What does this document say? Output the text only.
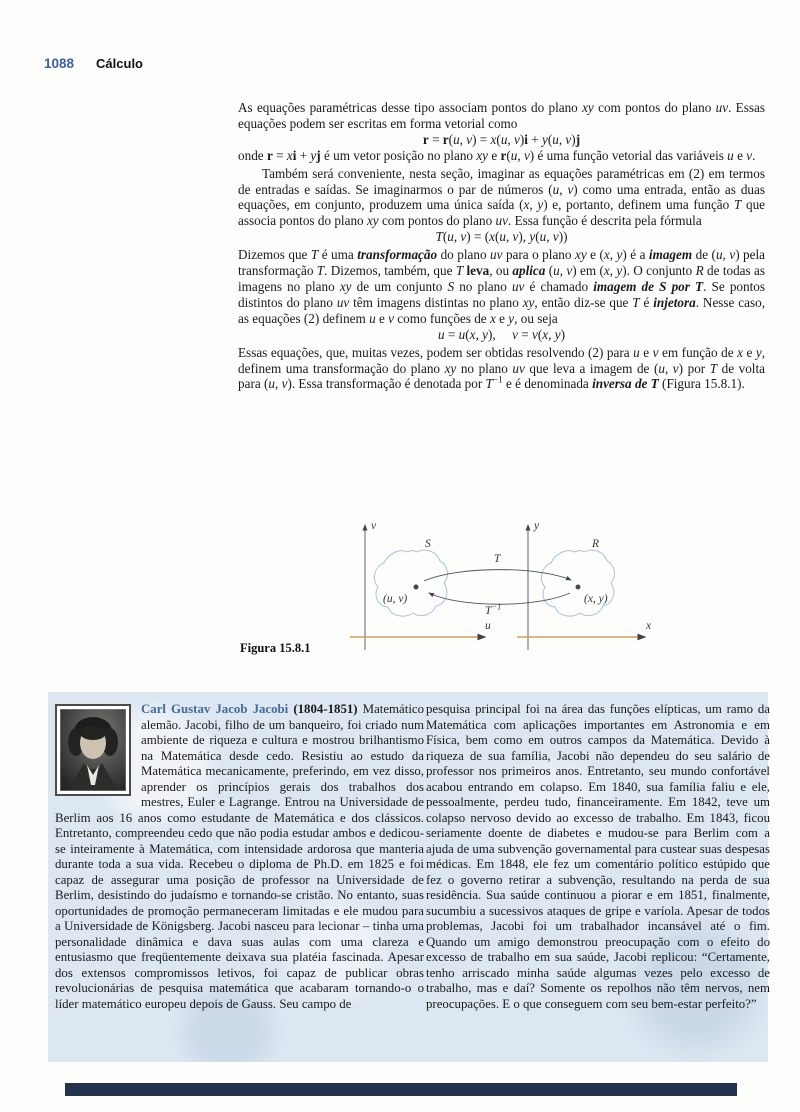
1088 Cálculo

As equações paramétricas desse tipo associam pontos do plano xy com pontos do plano uv. Essas equações podem ser escritas em forma vetorial como

r = r(u, v) = x(u, v)i + y(u, v)j

onde r = xi + yj é um vetor posição no plano xy e r(u, v) é uma função vetorial das variáveis u e v.

Também será conveniente, nesta seção, imaginar as equações paramétricas em (2) em termos de entradas e saídas. Se imaginarmos o par de números (u, v) como uma entrada, então as duas equações, em conjunto, produzem uma única saída (x, y) e, portanto, definem uma função T que associa pontos do plano xy com pontos do plano uv. Essa função é descrita pela fórmula

T(u, v) = (x(u, v), y(u, v))

Dizemos que T é uma transformação do plano uv para o plano xy e (x, y) é a imagem de (u, v) pela transformação T. Dizemos, também, que T leva, ou aplica (u, v) em (x, y). O conjunto R de todas as imagens no plano xy de um conjunto S no plano uv é chamado imagem de S por T. Se pontos distintos do plano uv têm imagens distintas no plano xy, então diz-se que T é injetora. Nesse caso, as equações (2) definem u e v como funções de x e y, ou seja

u = u(x, y),  v = v(x, y)

Essas equações, que, muitas vezes, podem ser obtidas resolvendo (2) para u e v em função de x e y, definem uma transformação do plano xy no plano uv que leva a imagem de (u, v) por T de volta para (u, v). Essa transformação é denotada por $T^{-1}$ e é denominada inversa de T (Figura 15.8.1).

v
u
y
x
S
(u, v)
R
(x, y)
T
$T^{-1}$
Figura 15.8.1

Carl Gustav Jacob Jacobi (1804-1851) Matemático alemão. Jacobi, filho de um banqueiro, foi criado num ambiente de riqueza e cultura e mostrou brilhantismo na Matemática desde cedo. Resistiu ao estudo da Matemática mecanicamente, preferindo, em vez disso, aprender os princípios gerais dos trabalhos dos mestres, Euler e Lagrange. Entrou na Universidade de Berlim aos 16 anos como estudante de Matemática e dos clássicos. Entretanto, compreendeu cedo que não podia estudar ambos e dedicou-se inteiramente à Matemática, com intensidade ardorosa que manteria durante toda a sua vida. Recebeu o diploma de Ph.D. em 1825 e foi capaz de assegurar uma posição de professor na Universidade de Berlim, desistindo do judaísmo e tornando-se cristão. No entanto, suas oportunidades de promoção permaneceram limitadas e ele mudou para a Universidade de Königsberg. Jacobi nasceu para lecionar – tinha uma personalidade dinâmica e dava suas aulas com uma clareza e entusiasmo que freqüentemente deixava sua platéia fascinada. Apesar dos extensos compromissos letivos, foi capaz de publicar obras revolucionárias de pesquisa matemática que acabaram tornando-o o líder matemático europeu depois de Gauss. Seu campo de

pesquisa principal foi na área das funções elípticas, um ramo da Matemática com aplicações importantes em Astronomia e em Física, bem como em outros campos da Matemática. Devido à riqueza de sua família, Jacobi não dependeu do seu salário de professor nos primeiros anos. Entretanto, seu mundo confortável acabou entrando em colapso. Em 1840, sua família faliu e ele, pessoalmente, perdeu tudo, financeiramente. Em 1842, teve um colapso nervoso devido ao excesso de trabalho. Em 1843, ficou seriamente doente de diabetes e mudou-se para Berlim com a ajuda de uma subvenção governamental para custear suas despesas médicas. Em 1848, ele fez um comentário político estúpido que fez o governo retirar a subvenção, resultando na perda de sua residência. Sua saúde continuou a piorar e em 1851, finalmente, sucumbiu a sucessivos ataques de gripe e varíola. Apesar de todos problemas, Jacobi foi um trabalhador incansável até o fim. Quando um amigo demonstrou preocupação com o efeito do excesso de trabalho em sua saúde, Jacobi replicou: “Certamente, tenho arriscado minha saúde algumas vezes pelo excesso de trabalho, mas e daí? Somente os repolhos não têm nervos, nem preocupações. E o que conseguem com seu bem-estar perfeito?”
